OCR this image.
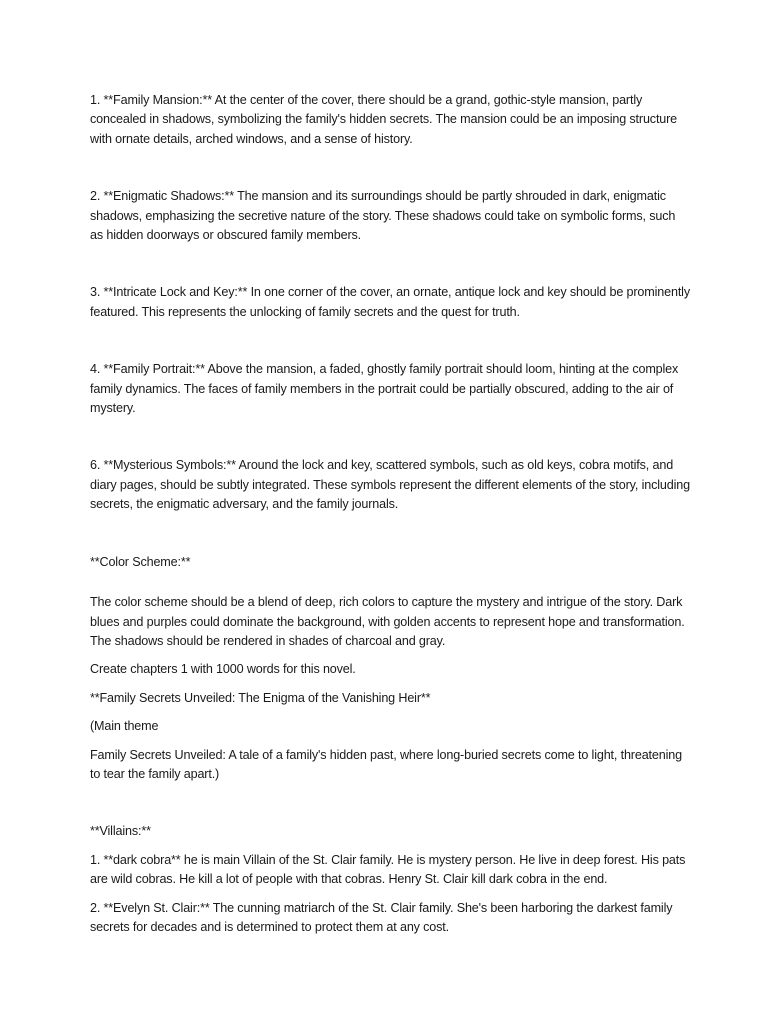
1. **Family Mansion:** At the center of the cover, there should be a grand, gothic-style mansion, partly concealed in shadows, symbolizing the family's hidden secrets. The mansion could be an imposing structure with ornate details, arched windows, and a sense of history.

2. **Enigmatic Shadows:** The mansion and its surroundings should be partly shrouded in dark, enigmatic shadows, emphasizing the secretive nature of the story. These shadows could take on symbolic forms, such as hidden doorways or obscured family members.

3. **Intricate Lock and Key:** In one corner of the cover, an ornate, antique lock and key should be prominently featured. This represents the unlocking of family secrets and the quest for truth.

4. **Family Portrait:** Above the mansion, a faded, ghostly family portrait should loom, hinting at the complex family dynamics. The faces of family members in the portrait could be partially obscured, adding to the air of mystery.

6. **Mysterious Symbols:** Around the lock and key, scattered symbols, such as old keys, cobra motifs, and diary pages, should be subtly integrated. These symbols represent the different elements of the story, including secrets, the enigmatic adversary, and the family journals.

**Color Scheme:**

The color scheme should be a blend of deep, rich colors to capture the mystery and intrigue of the story. Dark blues and purples could dominate the background, with golden accents to represent hope and transformation. The shadows should be rendered in shades of charcoal and gray.

Create chapters 1 with 1000 words for this novel.

**Family Secrets Unveiled: The Enigma of the Vanishing Heir**

(Main theme

Family Secrets Unveiled: A tale of a family's hidden past, where long-buried secrets come to light, threatening to tear the family apart.)

**Villains:**

1. **dark cobra** he is main Villain of the St. Clair family. He is mystery person. He live in deep forest. His pats are wild cobras. He kill a lot of people with that cobras. Henry St. Clair kill dark cobra in the end.

2. **Evelyn St. Clair:** The cunning matriarch of the St. Clair family. She's been harboring the darkest family secrets for decades and is determined to protect them at any cost.
